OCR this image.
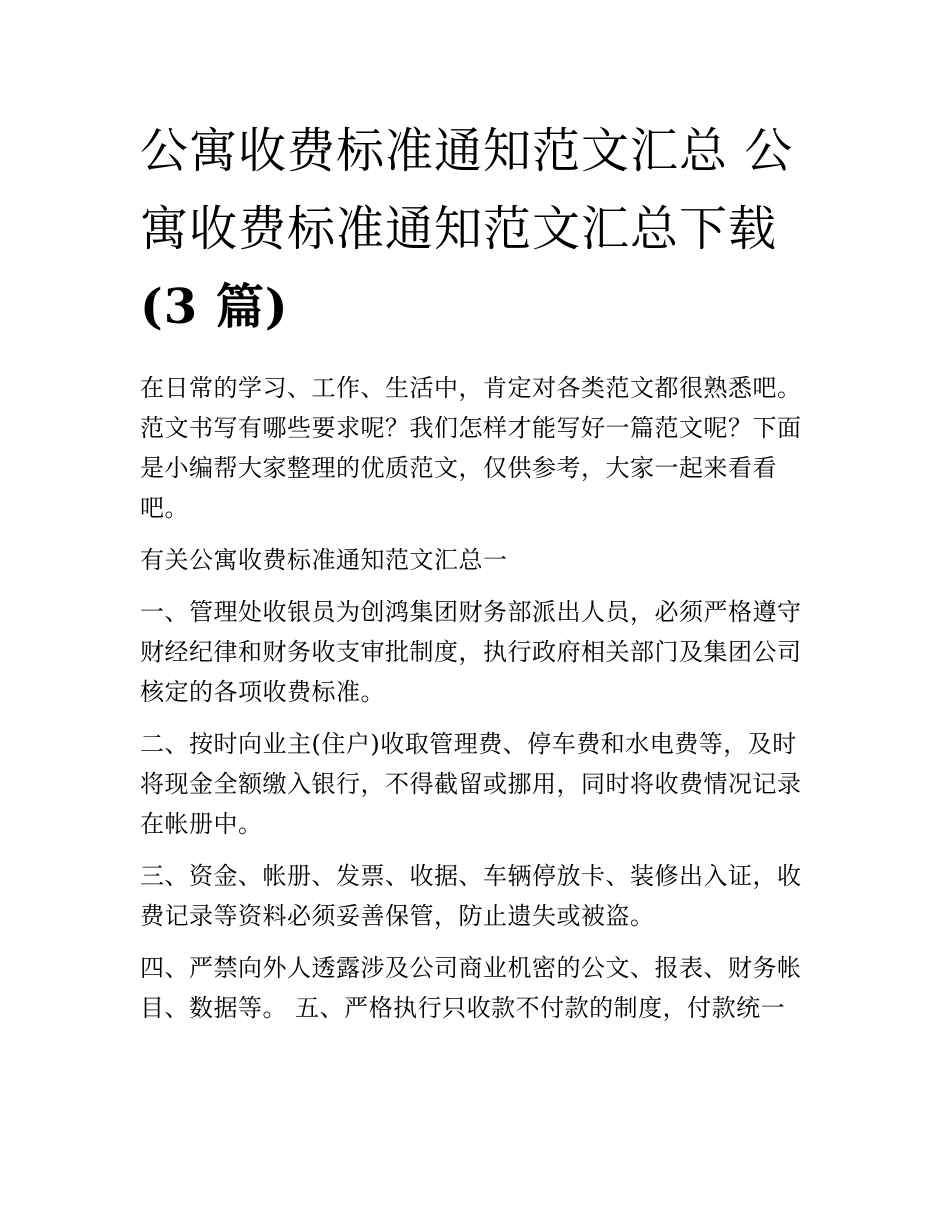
公寓收费标准通知范文汇总 公寓收费标准通知范文汇总下载
(3 篇)

在日常的学习、工作、生活中，肯定对各类范文都很熟悉吧。范文书写有哪些要求呢？我们怎样才能写好一篇范文呢？下面是小编帮大家整理的优质范文，仅供参考，大家一起来看看吧。

有关公寓收费标准通知范文汇总一

一、管理处收银员为创鸿集团财务部派出人员，必须严格遵守财经纪律和财务收支审批制度，执行政府相关部门及集团公司核定的各项收费标准。

二、按时向业主(住户)收取管理费、停车费和水电费等，及时将现金全额缴入银行，不得截留或挪用，同时将收费情况记录在帐册中。

三、资金、帐册、发票、收据、车辆停放卡、装修出入证，收费记录等资料必须妥善保管，防止遗失或被盗。

四、严禁向外人透露涉及公司商业机密的公文、报表、财务帐目、数据等。 五、严格执行只收款不付款的制度，付款统一
